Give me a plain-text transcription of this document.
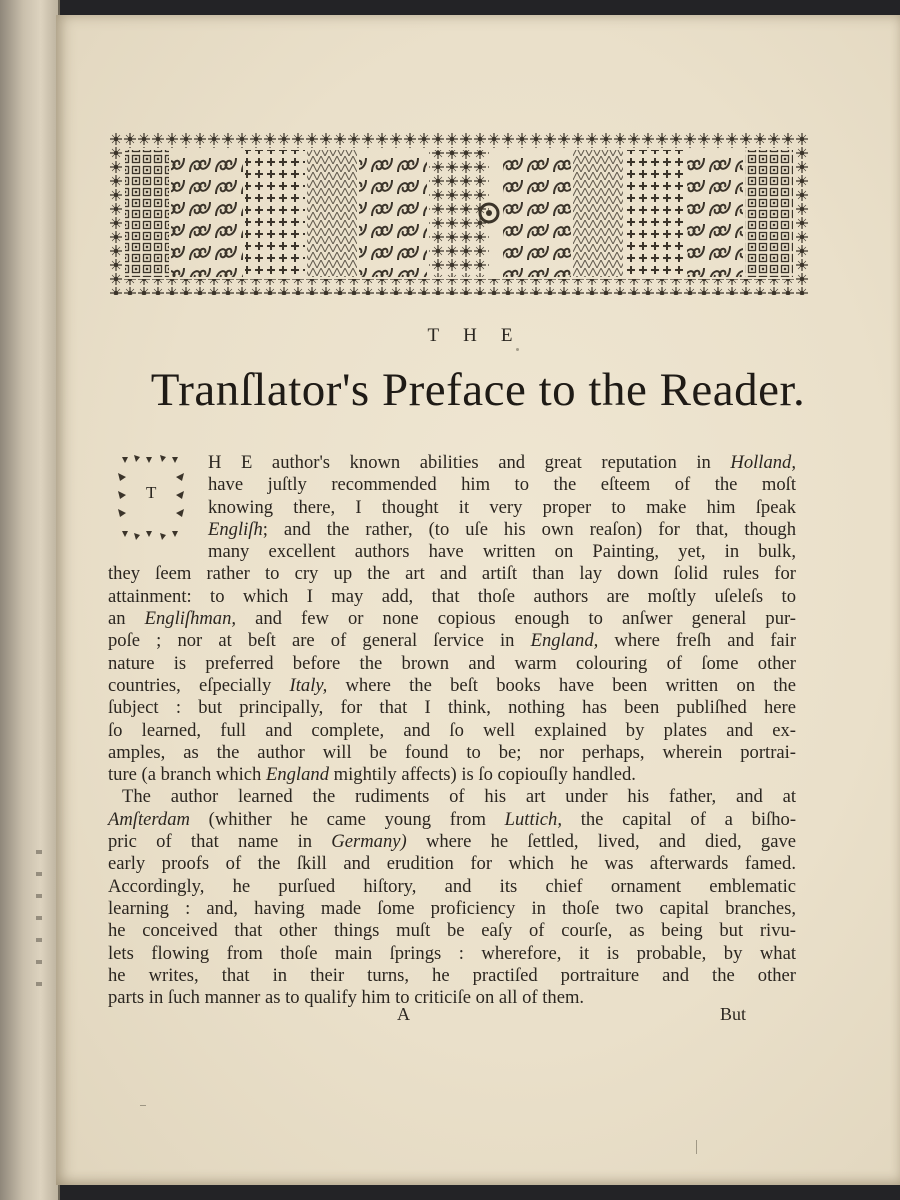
THE
Tranſlator's Preface to the Reader.
T
H E author's known abilities and great reputation in Holland,
have juſtly recommended him to the eſteem of the moſt
knowing there, I thought it very proper to make him ſpeak
Engliſh; and the rather, (to uſe his own reaſon) for that, though
many excellent authors have written on Painting, yet, in bulk,
they ſeem rather to cry up the art and artiſt than lay down ſolid rules for
attainment: to which I may add, that thoſe authors are moſtly uſeleſs to
an Engliſhman, and few or none copious enough to anſwer general pur-
poſe ; nor at beſt are of general ſervice in England, where freſh and fair
nature is preferred before the brown and warm colouring of ſome other
countries, eſpecially Italy, where the beſt books have been written on the
ſubject : but principally, for that I think, nothing has been publiſhed here
ſo learned, full and complete, and ſo well explained by plates and ex-
amples, as the author will be found to be; nor perhaps, wherein portrai-
ture (a branch which England mightily affects) is ſo copiouſly handled.
The author learned the rudiments of his art under his father, and at
Amſterdam (whither he came young from Luttich, the capital of a biſho-
pric of that name in Germany) where he ſettled, lived, and died, gave
early proofs of the ſkill and erudition for which he was afterwards famed.
Accordingly, he purſued hiſtory, and its chief ornament emblematic
learning : and, having made ſome proficiency in thoſe two capital branches,
he conceived that other things muſt be eaſy of courſe, as being but rivu-
lets flowing from thoſe main ſprings : wherefore, it is probable, by what
he writes, that in their turns, he practiſed portraiture and the other
parts in ſuch manner as to qualify him to criticiſe on all of them.
A	But
